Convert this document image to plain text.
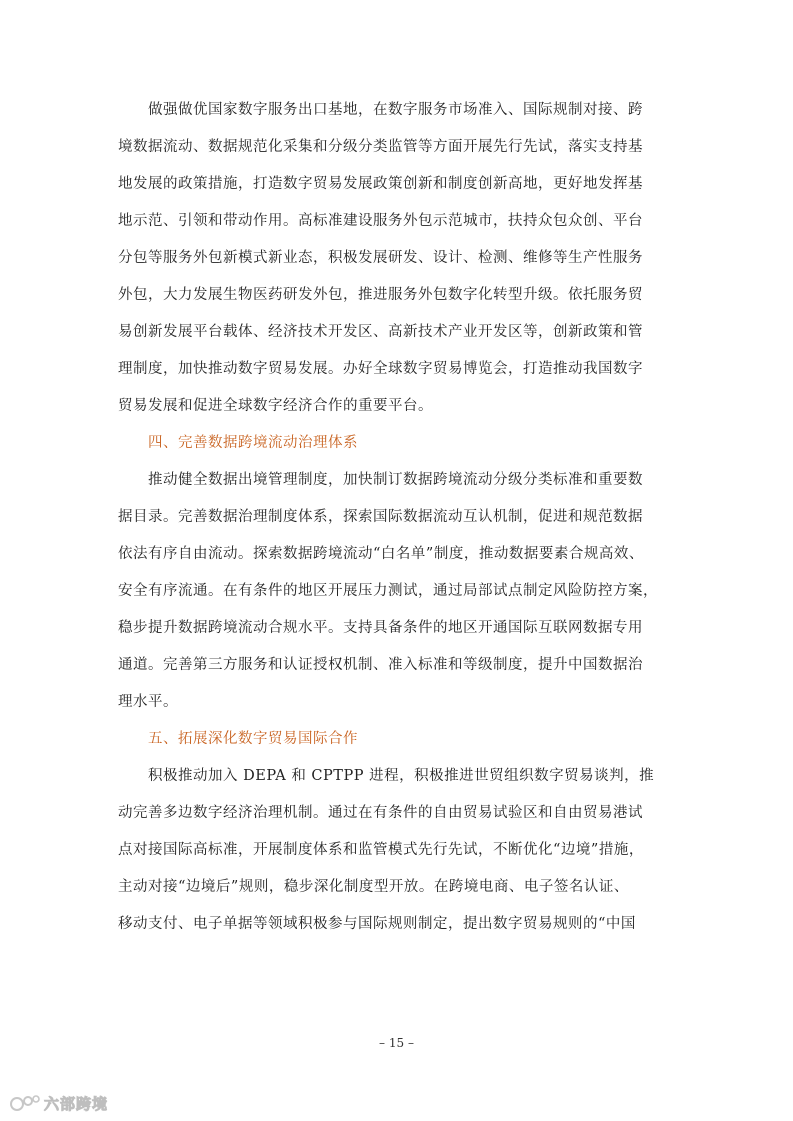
　　做强做优国家数字服务出口基地，在数字服务市场准入、国际规制对接、跨

境数据流动、数据规范化采集和分级分类监管等方面开展先行先试，落实支持基

地发展的政策措施，打造数字贸易发展政策创新和制度创新高地，更好地发挥基

地示范、引领和带动作用。高标准建设服务外包示范城市，扶持众包众创、平台

分包等服务外包新模式新业态，积极发展研发、设计、检测、维修等生产性服务

外包，大力发展生物医药研发外包，推进服务外包数字化转型升级。依托服务贸

易创新发展平台载体、经济技术开发区、高新技术产业开发区等，创新政策和管

理制度，加快推动数字贸易发展。办好全球数字贸易博览会，打造推动我国数字

贸易发展和促进全球数字经济合作的重要平台。

四、完善数据跨境流动治理体系

　　推动健全数据出境管理制度，加快制订数据跨境流动分级分类标准和重要数

据目录。完善数据治理制度体系，探索国际数据流动互认机制，促进和规范数据

依法有序自由流动。探索数据跨境流动“白名单”制度，推动数据要素合规高效、

安全有序流通。在有条件的地区开展压力测试，通过局部试点制定风险防控方案，

稳步提升数据跨境流动合规水平。支持具备条件的地区开通国际互联网数据专用

通道。完善第三方服务和认证授权机制、准入标准和等级制度，提升中国数据治

理水平。

五、拓展深化数字贸易国际合作

　　积极推动加入 DEPA 和 CPTPP 进程，积极推进世贸组织数字贸易谈判，推

动完善多边数字经济治理机制。通过在有条件的自由贸易试验区和自由贸易港试

点对接国际高标准，开展制度体系和监管模式先行先试，不断优化“边境”措施，

主动对接“边境后”规则，稳步深化制度型开放。在跨境电商、电子签名认证、

移动支付、电子单据等领域积极参与国际规则制定，提出数字贸易规则的“中国

– 15 –
六部跨境
